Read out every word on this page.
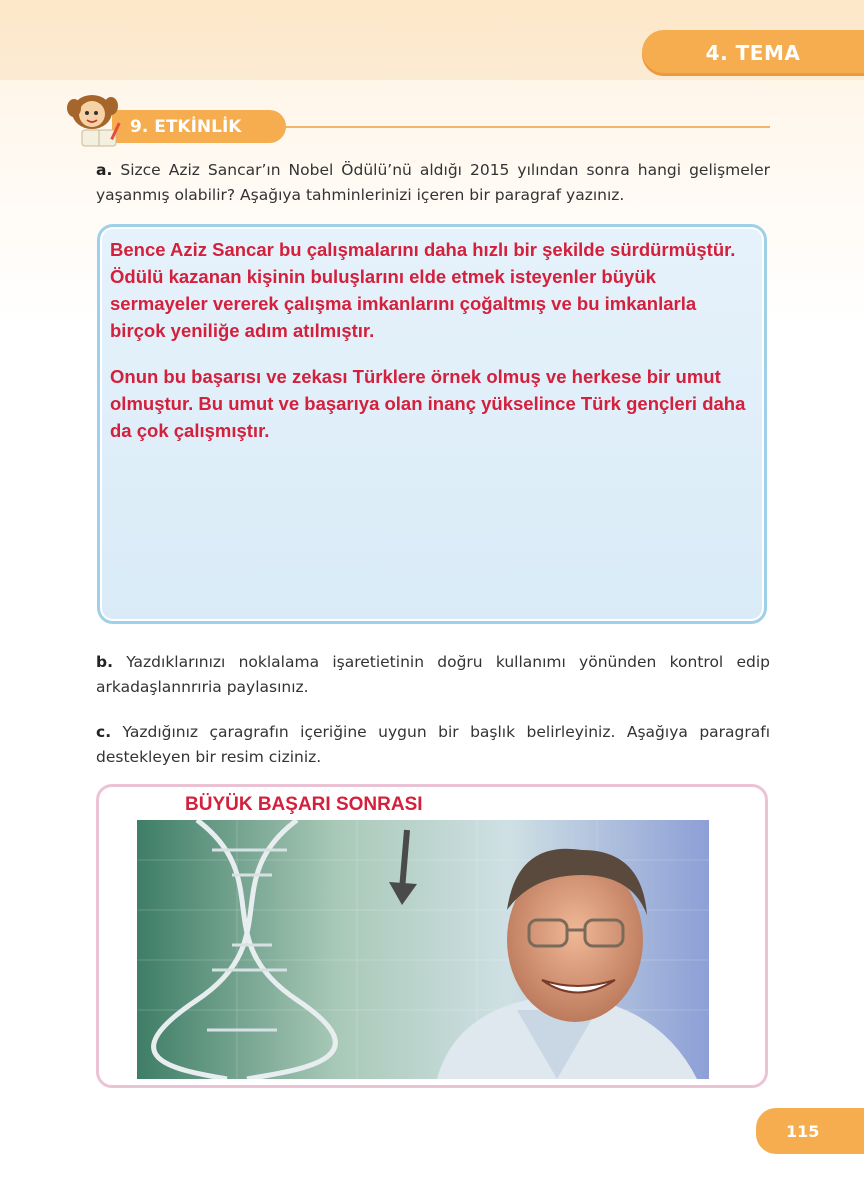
4. TEMA
9. ETKİNLİK
a. Sizce Aziz Sancar’ın Nobel Ödülü’nü aldığı 2015 yılından sonra hangi gelişmeler yaşanmış olabilir? Aşağıya tahminlerinizi içeren bir paragraf yazınız.

Bence Aziz Sancar bu çalışmalarını daha hızlı bir şekilde sürdürmüştür. Ödülü kazanan kişinin buluşlarını elde etmek isteyenler büyük sermayeler vererek çalışma imkanlarını çoğaltmış ve bu imkanlarla birçok yeniliğe adım atılmıştır.

Onun bu başarısı ve zekası Türklere örnek olmuş ve herkese bir umut olmuştur. Bu umut ve başarıya olan inanç yükselince Türk gençleri daha da çok çalışmıştır.

b. Yazdıklarınızı noklalama işaretietinin doğru kullanımı yönünden kontrol edip arkadaşlannrıria paylasınız.
c. Yazdığınız çaragrafın içeriğine uygun bir başlık belirleyiniz. Aşağıya paragrafı destekleyen bir resim ciziniz.
BÜYÜK BAŞARI SONRASI
115
